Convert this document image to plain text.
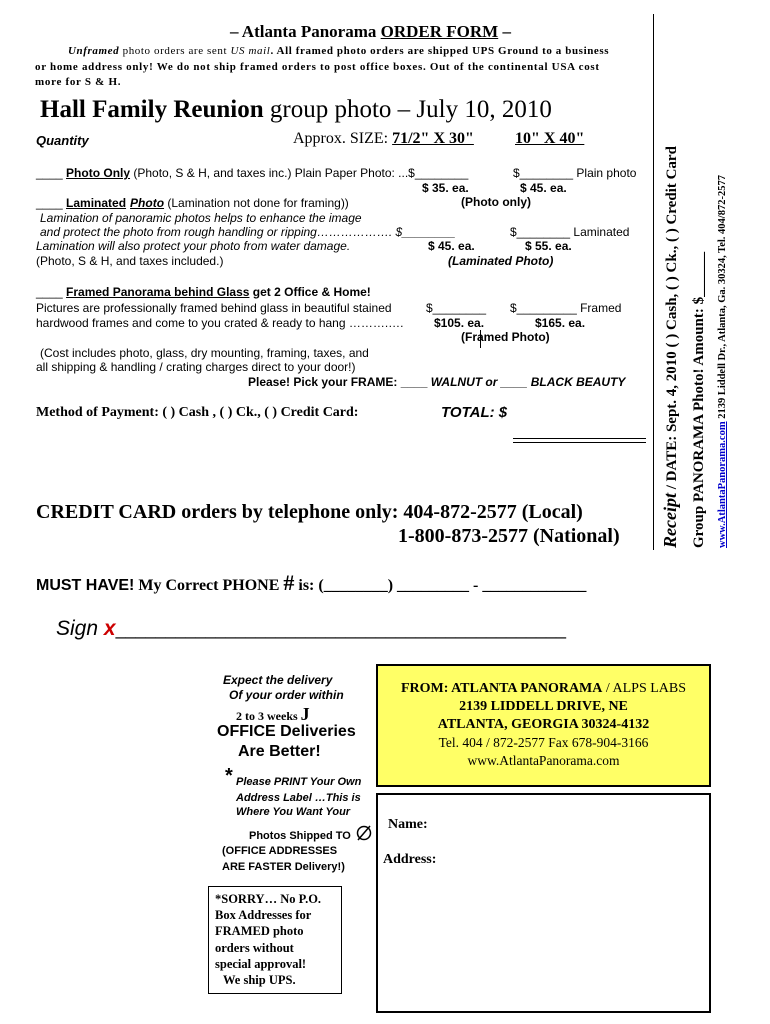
– Atlanta Panorama ORDER FORM –
Unframed photo orders are sent US mail. All framed photo orders are shipped UPS Ground to a business
or home address only! We do not ship framed orders to post office boxes. Out of the continental USA cost
more for S & H.
Hall Family Reunion group photo – July 10, 2010
Quantity	Approx. SIZE: 71/2" X 30"	10" X 40"
____ Photo Only (Photo, S & H, and taxes inc.) Plain Paper Photo: ...$________	$________ Plain photo
$ 35. ea.	$ 45. ea.
(Photo only)
____ Laminated Photo (Lamination not done for framing))
Lamination of panoramic photos helps to enhance the image
and protect the photo from rough handling or ripping………………. $________
Lamination will also protect your photo from water damage.
(Photo, S & H, and taxes included.)
$________ Laminated
$ 45. ea.	$ 55. ea.
(Laminated Photo)
____ Framed Panorama behind Glass get 2 Office & Home!
Pictures are professionally framed behind glass in beautiful stained
hardwood frames and come to you crated & ready to hang ……….….
$________ $_________ Framed
$105. ea.	$165. ea.
(Framed Photo)
(Cost includes photo, glass, dry mounting, framing, taxes, and
all shipping & handling / crating charges direct to your door!)
Please! Pick your FRAME: ____ WALNUT or ____ BLACK BEAUTY
Method of Payment: ( ) Cash , ( ) Ck., ( ) Credit Card:	TOTAL: $
Receipt / DATE: Sept. 4, 2010 ( ) Cash, ( ) Ck., ( ) Credit Card Group PANORAMA Photo! Amount: $______ www.AtlantaPanorama.com 2139 Liddell Dr., Atlanta, Ga. 30324, Tel. 404/872-2577
CREDIT CARD orders by telephone only: 404-872-2577 (Local)
1-800-873-2577 (National)
MUST HAVE! My Correct PHONE # is: (________) _________ - _____________
Sign x_____________________________________________
Expect the delivery
Of your order within
2 to 3 weeks J
OFFICE Deliveries
Are Better!
* Please PRINT Your Own
Address Label …This is
Where You Want Your
Photos Shipped TO
(OFFICE ADDRESSES
ARE FASTER Delivery!)
*SORRY… No P.O.
Box Addresses for
FRAMED photo
orders without
special approval!
We ship UPS.
FROM: ATLANTA PANORAMA / ALPS LABS
2139 LIDDELL DRIVE, NE
ATLANTA, GEORGIA 30324-4132
Tel. 404 / 872-2577 Fax 678-904-3166
www.AtlantaPanorama.com
Name:
Address:
